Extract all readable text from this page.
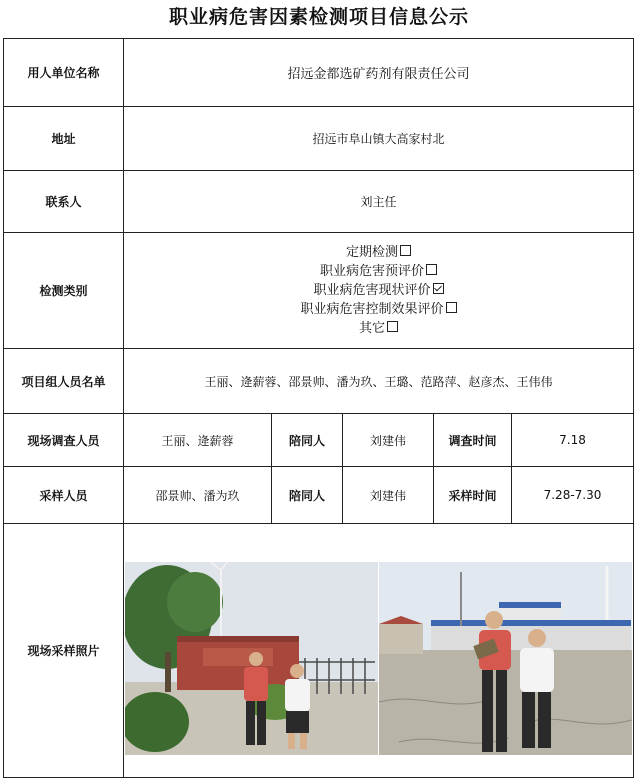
职业病危害因素检测项目信息公示
用人单位名称	招远金都选矿药剂有限责任公司				
地址	招远市阜山镇大高家村北				
联系人	刘主任				
检测类别	定期检测
职业病危害预评价
职业病危害现状评价
职业病危害控制效果评价
其它				

项目组人员名单	王丽、逄薪蓉、邵景帅、潘为玖、王璐、范路萍、赵彦杰、王伟伟				
现场调查人员	王丽、逄薪蓉	陪同人	刘建伟	调查时间	7.18
采样人员	邵景帅、潘为玖	陪同人	刘建伟	采样时间	7.28-7.30
现场采样照片	
